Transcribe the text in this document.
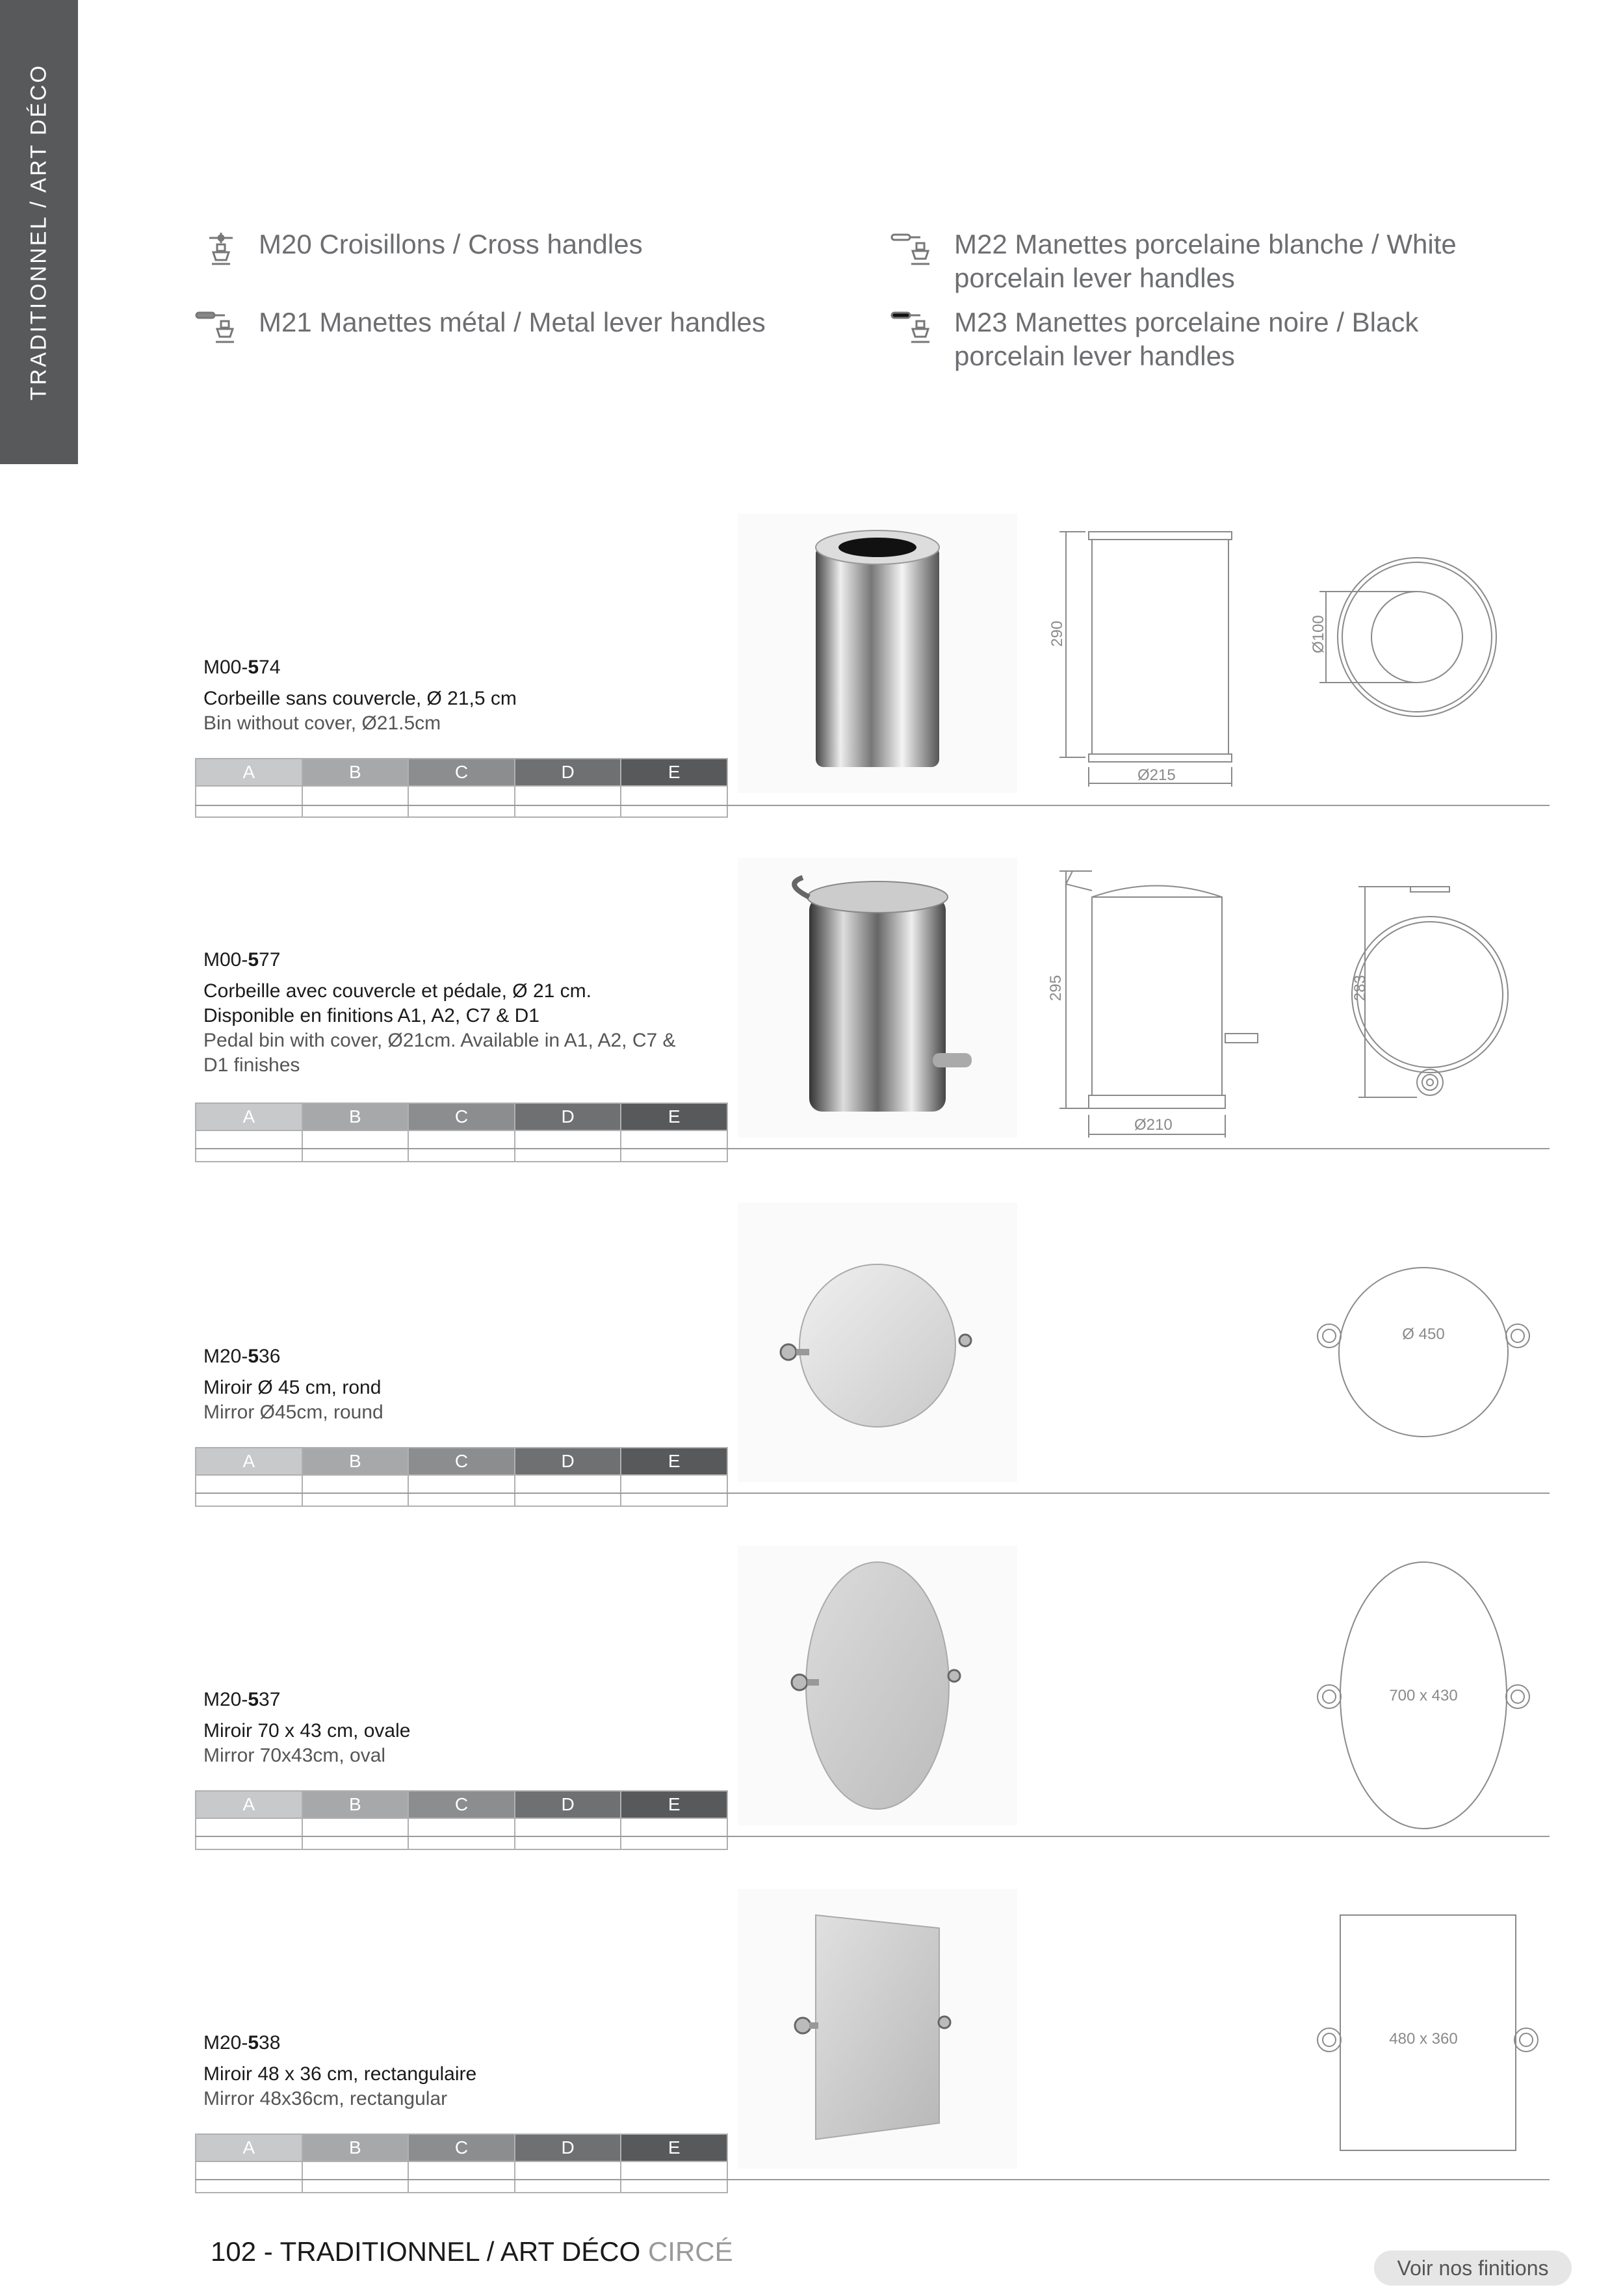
TRADITIONNEL / ART DÉCO	M20 Croisillons / Cross handles
M21 Manettes métal / Metal lever handles
M22 Manettes porcelaine blanche / White
porcelain lever handles
M23 Manettes porcelaine noire / Black
porcelain lever handles
M00-574
Corbeille sans couvercle, Ø 21,5 cm
Bin without cover, Ø21.5cm
A	B	C	D	E

290
Ø215
Ø100
M00-577
Corbeille avec couvercle et pédale, Ø 21 cm.
Disponible en finitions A1, A2, C7 & D1
Pedal bin with cover, Ø21cm. Available in A1, A2, C7 &
D1 finishes
A	B	C	D	E

295
Ø210
283
M20-536
Miroir Ø 45 cm, rond
Mirror Ø45cm, round
A	B	C	D	E

Ø 450
M20-537
Miroir 70 x 43 cm, ovale
Mirror 70x43cm, oval
A	B	C	D	E

700 x 430
M20-538
Miroir 48 x 36 cm, rectangulaire
Mirror 48x36cm, rectangular
A	B	C	D	E

480 x 360
102 - TRADITIONNEL / ART DÉCO CIRCÉ
Voir nos finitions
